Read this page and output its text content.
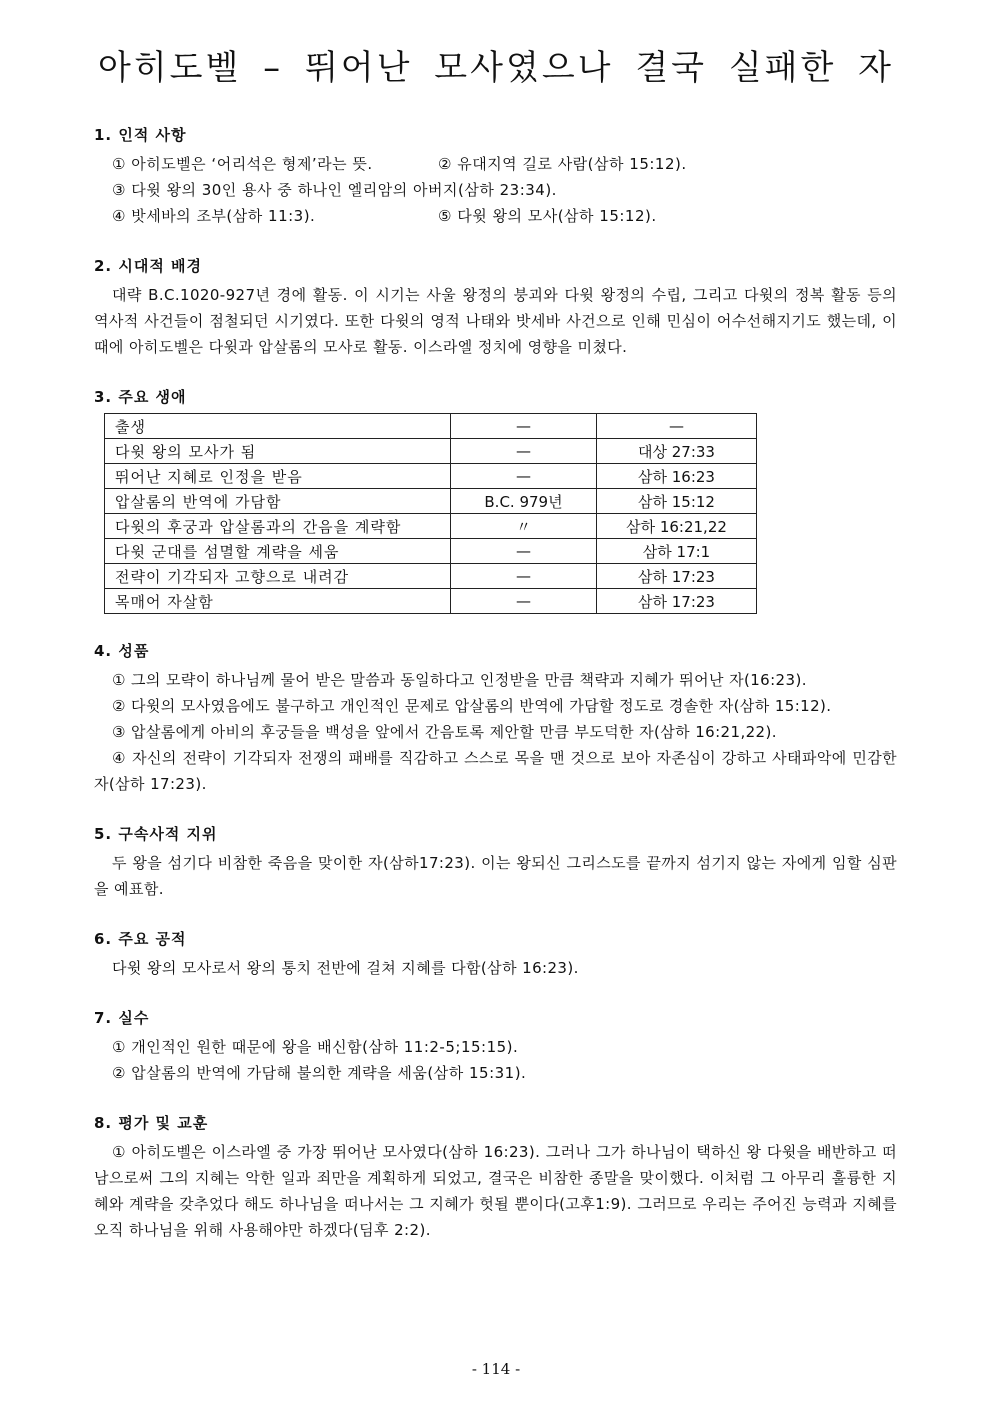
아히도벨 – 뛰어난 모사였으나 결국 실패한 자
1. 인적 사항
① 아히도벨은 ‘어리석은 형제’라는 뜻.	② 유대지역 길로 사람(삼하 15:12).
③ 다윗 왕의 30인 용사 중 하나인 엘리암의 아버지(삼하 23:34).
④ 밧세바의 조부(삼하 11:3).	⑤ 다윗 왕의 모사(삼하 15:12).
2. 시대적 배경

대략 B.C.1020-927년 경에 활동. 이 시기는 사울 왕정의 붕괴와 다윗 왕정의 수립, 그리고 다윗의 정복 활동 등의 역사적 사건들이 점철되던 시기였다. 또한 다윗의 영적 나태와 밧세바 사건으로 인해 민심이 어수선해지기도 했는데, 이 때에 아히도벨은 다윗과 압살롬의 모사로 활동. 이스라엘 정치에 영향을 미쳤다.

3. 주요 생애
출생	—	—
다윗 왕의 모사가 됨	—	대상 27:33
뛰어난 지혜로 인정을 받음	—	삼하 16:23
압살롬의 반역에 가담함	B.C. 979년	삼하 15:12
다윗의 후궁과 압살롬과의 간음을 계략함	〃	삼하 16:21,22
다윗 군대를 섬멸할 계략을 세움	—	삼하 17:1
전략이 기각되자 고향으로 내려감	—	삼하 17:23
목매어 자살함	—	삼하 17:23
4. 성품

① 그의 모략이 하나님께 물어 받은 말씀과 동일하다고 인정받을 만큼 책략과 지혜가 뛰어난 자(16:23).

② 다윗의 모사였음에도 불구하고 개인적인 문제로 압살롬의 반역에 가담할 정도로 경솔한 자(삼하 15:12).

③ 압살롬에게 아비의 후궁들을 백성을 앞에서 간음토록 제안할 만큼 부도덕한 자(삼하 16:21,22).

④ 자신의 전략이 기각되자 전쟁의 패배를 직감하고 스스로 목을 맨 것으로 보아 자존심이 강하고 사태파악에 민감한 자(삼하 17:23).

5. 구속사적 지위

두 왕을 섬기다 비참한 죽음을 맞이한 자(삼하17:23). 이는 왕되신 그리스도를 끝까지 섬기지 않는 자에게 임할 심판을 예표함.

6. 주요 공적

다윗 왕의 모사로서 왕의 통치 전반에 걸쳐 지혜를 다함(삼하 16:23).

7. 실수
① 개인적인 원한 때문에 왕을 배신함(삼하 11:2-5;15:15).
② 압살롬의 반역에 가담해 불의한 계략을 세움(삼하 15:31).
8. 평가 및 교훈

① 아히도벨은 이스라엘 중 가장 뛰어난 모사였다(삼하 16:23). 그러나 그가 하나님이 택하신 왕 다윗을 배반하고 떠남으로써 그의 지혜는 악한 일과 죄만을 계획하게 되었고, 결국은 비참한 종말을 맞이했다. 이처럼 그 아무리 훌륭한 지혜와 계략을 갖추었다 해도 하나님을 떠나서는 그 지혜가 헛될 뿐이다(고후1:9). 그러므로 우리는 주어진 능력과 지혜를 오직 하나님을 위해 사용해야만 하겠다(딤후 2:2).

- 114 -
